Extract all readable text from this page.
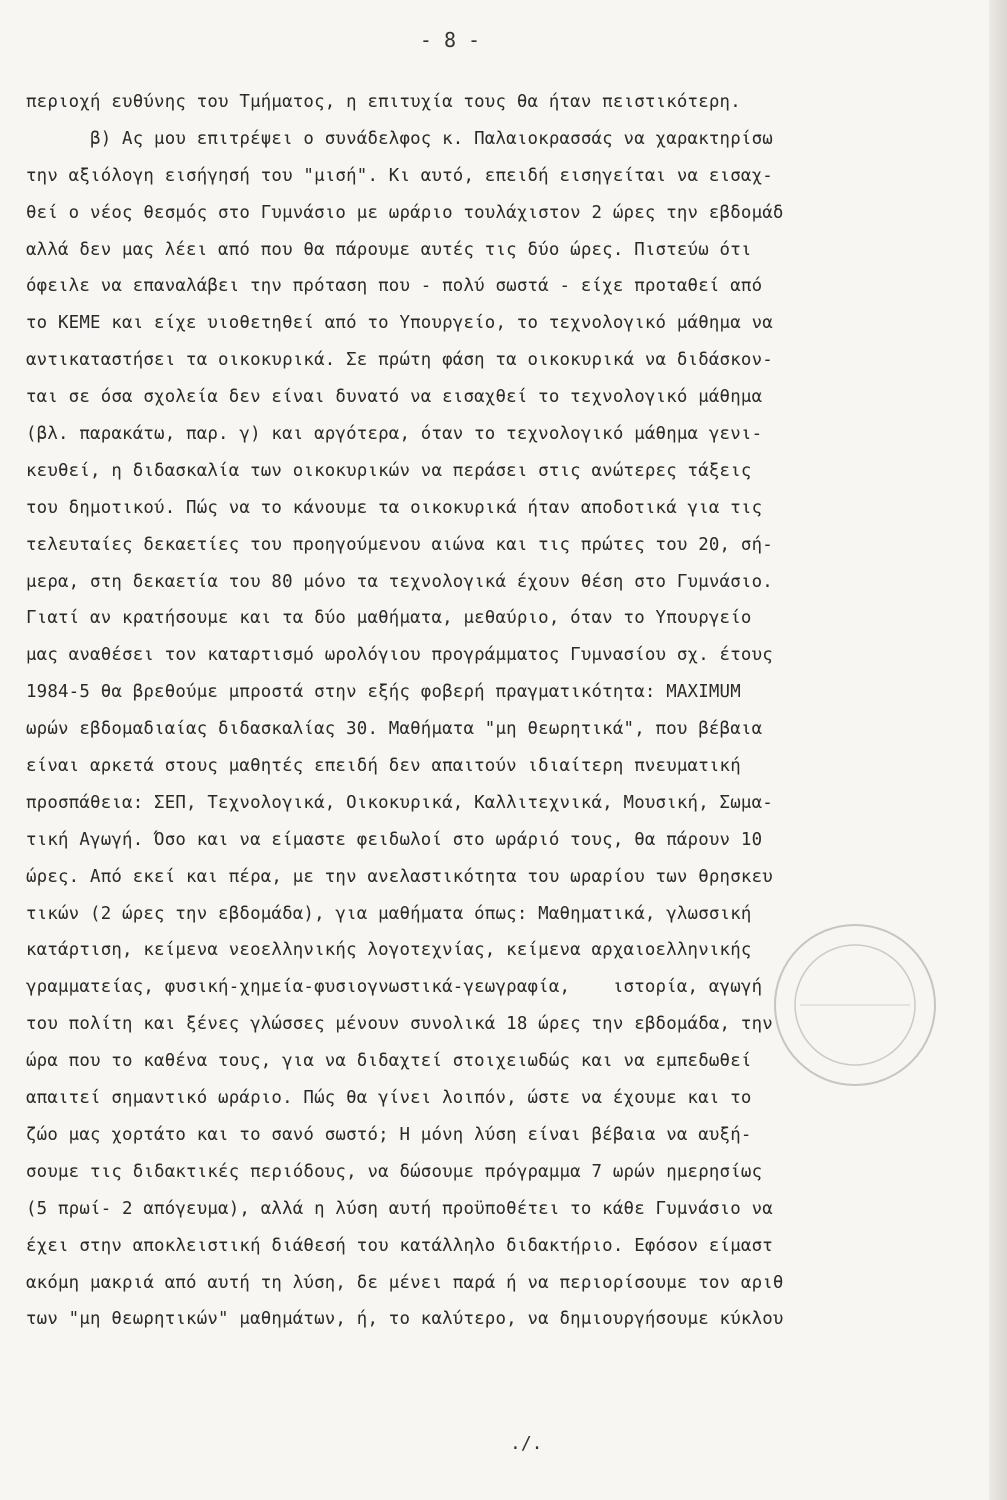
- 8 -
περιοχή ευθύνης του Τμήματος, η επιτυχία τους θα ήταν πειστικότερη.
β) Ας μου επιτρέψει ο συνάδελφος κ. Παλαιοκρασσάς να χαρακτηρίσω
την αξιόλογη εισήγησή του "μισή". Κι αυτό, επειδή εισηγείται να εισαχ-
θεί ο νέος θεσμός στο Γυμνάσιο με ωράριο τουλάχιστον 2 ώρες την εβδομάδ
αλλά δεν μας λέει από που θα πάρουμε αυτές τις δύο ώρες. Πιστεύω ότι
όφειλε να επαναλάβει την πρόταση που - πολύ σωστά - είχε προταθεί από
το ΚΕΜΕ και είχε υιοθετηθεί από το Υπουργείο, το τεχνολογικό μάθημα να
αντικαταστήσει τα οικοκυρικά. Σε πρώτη φάση τα οικοκυρικά να διδάσκον-
ται σε όσα σχολεία δεν είναι δυνατό να εισαχθεί το τεχνολογικό μάθημα
(βλ. παρακάτω, παρ. γ) και αργότερα, όταν το τεχνολογικό μάθημα γενι-
κευθεί, η διδασκαλία των οικοκυρικών να περάσει στις ανώτερες τάξεις
του δημοτικού. Πώς να το κάνουμε τα οικοκυρικά ήταν αποδοτικά για τις
τελευταίες δεκαετίες του προηγούμενου αιώνα και τις πρώτες του 20, σή-
μερα, στη δεκαετία του 80 μόνο τα τεχνολογικά έχουν θέση στο Γυμνάσιο.
Γιατί αν κρατήσουμε και τα δύο μαθήματα, μεθαύριο, όταν το Υπουργείο
μας αναθέσει τον καταρτισμό ωρολόγιου προγράμματος Γυμνασίου σχ. έτους
1984-5 θα βρεθούμε μπροστά στην εξής φοβερή πραγματικότητα: MAXIMUM
ωρών εβδομαδιαίας διδασκαλίας 30. Μαθήματα "μη θεωρητικά", που βέβαια
είναι αρκετά στους μαθητές επειδή δεν απαιτούν ιδιαίτερη πνευματική
προσπάθεια: ΣΕΠ, Τεχνολογικά, Οικοκυρικά, Καλλιτεχνικά, Μουσική, Σωμα-
τική Αγωγή. Όσο και να είμαστε φειδωλοί στο ωράριό τους, θα πάρουν 10
ώρες. Από εκεί και πέρα, με την ανελαστικότητα του ωραρίου των θρησκευ
τικών (2 ώρες την εβδομάδα), για μαθήματα όπως: Μαθηματικά, γλωσσική
κατάρτιση, κείμενα νεοελληνικής λογοτεχνίας, κείμενα αρχαιοελληνικής
γραμματείας, φυσική-χημεία-φυσιογνωστικά-γεωγραφία,    ιστορία, αγωγή
του πολίτη και ξένες γλώσσες μένουν συνολικά 18 ώρες την εβδομάδα, την
ώρα που το καθένα τους, για να διδαχτεί στοιχειωδώς και να εμπεδωθεί
απαιτεί σημαντικό ωράριο. Πώς θα γίνει λοιπόν, ώστε να έχουμε και το
ζώο μας χορτάτο και το σανό σωστό; Η μόνη λύση είναι βέβαια να αυξή-
σουμε τις διδακτικές περιόδους, να δώσουμε πρόγραμμα 7 ωρών ημερησίως
(5 πρωί- 2 απόγευμα), αλλά η λύση αυτή προϋποθέτει το κάθε Γυμνάσιο να
έχει στην αποκλειστική διάθεσή του κατάλληλο διδακτήριο. Εφόσον είμαστ
ακόμη μακριά από αυτή τη λύση, δε μένει παρά ή να περιορίσουμε τον αριθ
των "μη θεωρητικών" μαθημάτων, ή, το καλύτερο, να δημιουργήσουμε κύκλου
./.
